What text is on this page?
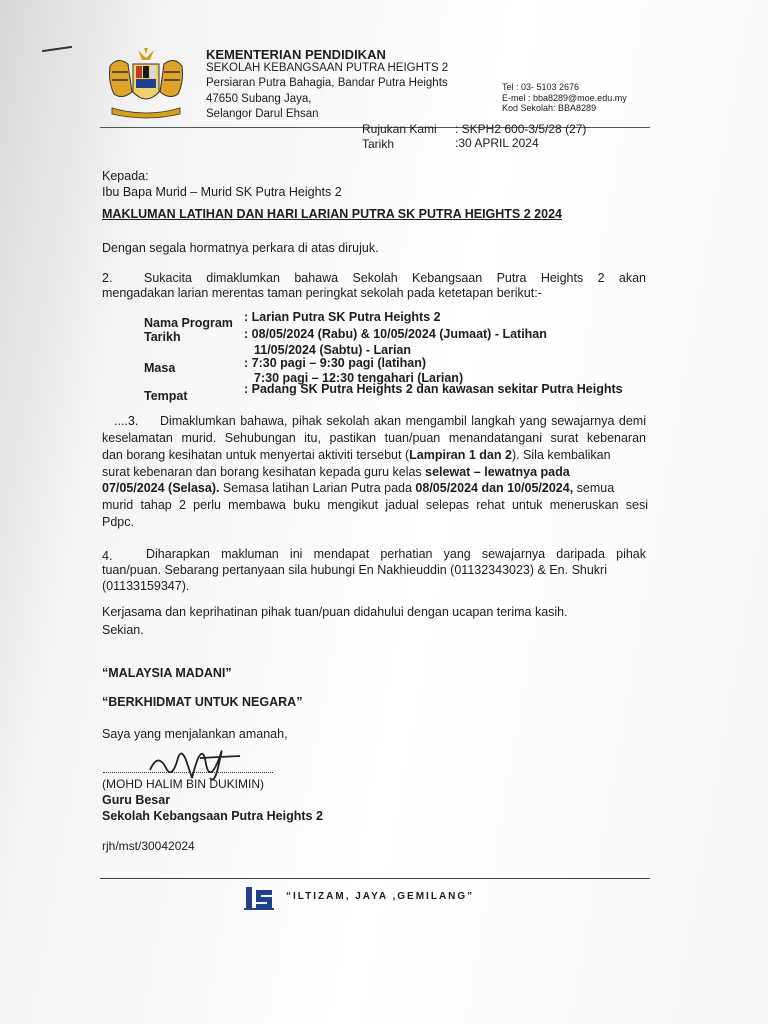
KEMENTERIAN PENDIDIKAN
SEKOLAH KEBANGSAAN PUTRA HEIGHTS 2
Persiaran Putra Bahagia, Bandar Putra Heights
47650 Subang Jaya,
Selangor Darul Ehsan
Tel : 03- 5103 2676
E-mel : bba8289@moe.edu.my
Kod Sekolah: BBA8289
Rujukan Kami : SKPH2 600-3/5/28 (27)
Tarikh	:30 APRIL 2024
Kepada:
Ibu Bapa Murid – Murid SK Putra Heights 2
MAKLUMAN LATIHAN DAN HARI LARIAN PUTRA SK PUTRA HEIGHTS 2 2024
Dengan segala hormatnya perkara di atas dirujuk.
2.	Sukacita dimaklumkan bahawa Sekolah Kebangsaan Putra Heights 2 akan
mengadakan larian merentas taman peringkat sekolah pada ketetapan berikut:-
Nama Program : Larian Putra SK Putra Heights 2
Tarikh	: 08/05/2024 (Rabu) & 10/05/2024 (Jumaat) - Latihan
11/05/2024 (Sabtu) - Larian
Masa	: 7:30 pagi – 9:30 pagi (latihan)
7:30 pagi – 12:30 tengahari (Larian)
Tempat	: Padang SK Putra Heights 2 dan kawasan sekitar Putra Heights
....3. Dimaklumkan bahawa, pihak sekolah akan mengambil langkah yang sewajarnya demi
keselamatan murid. Sehubungan itu, pastikan tuan/puan menandatangani surat kebenaran
dan borang kesihatan untuk menyertai aktiviti tersebut (Lampiran 1 dan 2). Sila kembalikan
surat kebenaran dan borang kesihatan kepada guru kelas selewat – lewatnya pada
07/05/2024 (Selasa). Semasa latihan Larian Putra pada 08/05/2024 dan 10/05/2024, semua
murid tahap 2 perlu membawa buku mengikut jadual selepas rehat untuk meneruskan sesi
Pdpc.
4.	Diharapkan makluman ini mendapat perhatian yang sewajarnya daripada pihak
tuan/puan. Sebarang pertanyaan sila hubungi En Nakhieuddin (01132343023) & En. Shukri
(01133159347).
Kerjasama dan keprihatinan pihak tuan/puan didahului dengan ucapan terima kasih.
Sekian.
“MALAYSIA MADANI”
“BERKHIDMAT UNTUK NEGARA”
Saya yang menjalankan amanah,
(MOHD HALIM BIN DUKIMIN)
Guru Besar
Sekolah Kebangsaan Putra Heights 2
rjh/mst/30042024
“ILTIZAM, JAYA ,GEMILANG”
